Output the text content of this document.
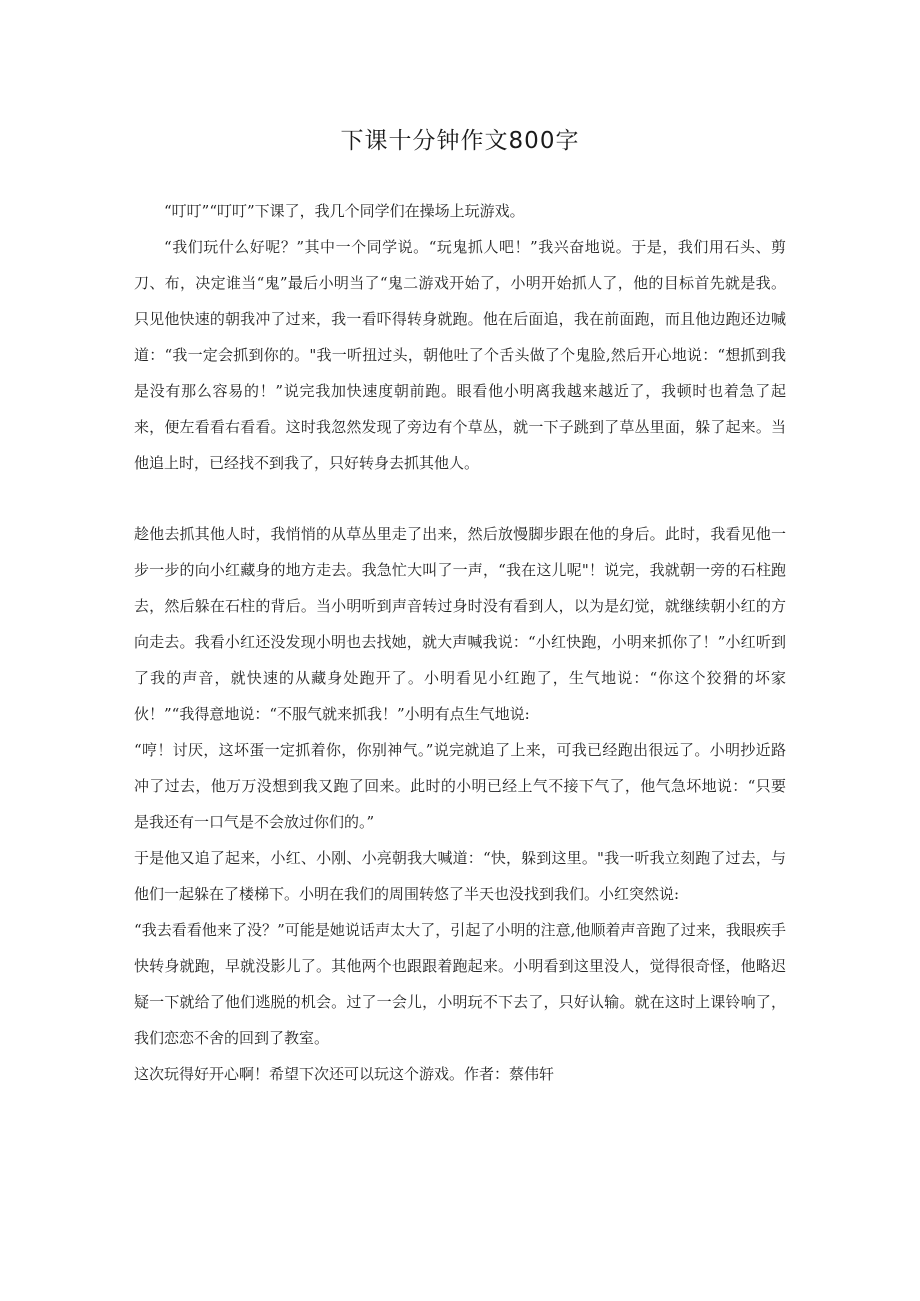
下课十分钟作文800字

“叮叮”“叮叮”下课了，我几个同学们在操场上玩游戏。

“我们玩什么好呢？”其中一个同学说。“玩鬼抓人吧！”我兴奋地说。于是，我们用石头、剪刀、布，决定谁当“鬼”最后小明当了“鬼二游戏开始了，小明开始抓人了，他的目标首先就是我。只见他快速的朝我冲了过来，我一看吓得转身就跑。他在后面追，我在前面跑，而且他边跑还边喊道：“我一定会抓到你的。"我一听扭过头，朝他吐了个舌头做了个鬼脸,然后开心地说：“想抓到我是没有那么容易的！”说完我加快速度朝前跑。眼看他小明离我越来越近了，我顿时也着急了起来，便左看看右看看。这时我忽然发现了旁边有个草丛，就一下子跳到了草丛里面，躲了起来。当他追上时，已经找不到我了，只好转身去抓其他人。

趁他去抓其他人时，我悄悄的从草丛里走了出来，然后放慢脚步跟在他的身后。此时，我看见他一步一步的向小红藏身的地方走去。我急忙大叫了一声，“我在这儿呢"！说完，我就朝一旁的石柱跑去，然后躲在石柱的背后。当小明听到声音转过身时没有看到人，以为是幻觉，就继续朝小红的方向走去。我看小红还没发现小明也去找她，就大声喊我说：“小红快跑，小明来抓你了！”小红听到了我的声音，就快速的从藏身处跑开了。小明看见小红跑了，生气地说：“你这个狡猾的坏家伙！”“我得意地说：“不服气就来抓我！”小明有点生气地说:

“哼！讨厌，这坏蛋一定抓着你，你别神气。”说完就追了上来，可我已经跑出很远了。小明抄近路冲了过去，他万万没想到我又跑了回来。此时的小明已经上气不接下气了，他气急坏地说：“只要是我还有一口气是不会放过你们的。”

于是他又追了起来，小红、小刚、小亮朝我大喊道：“快，躲到这里。"我一听我立刻跑了过去，与他们一起躲在了楼梯下。小明在我们的周围转悠了半天也没找到我们。小红突然说:

“我去看看他来了没？”可能是她说话声太大了，引起了小明的注意,他顺着声音跑了过来，我眼疾手快转身就跑，早就没影儿了。其他两个也跟跟着跑起来。小明看到这里没人，觉得很奇怪，他略迟疑一下就给了他们逃脱的机会。过了一会儿，小明玩不下去了，只好认输。就在这时上课铃响了，我们恋恋不舍的回到了教室。

这次玩得好开心啊！希望下次还可以玩这个游戏。作者：蔡伟轩
